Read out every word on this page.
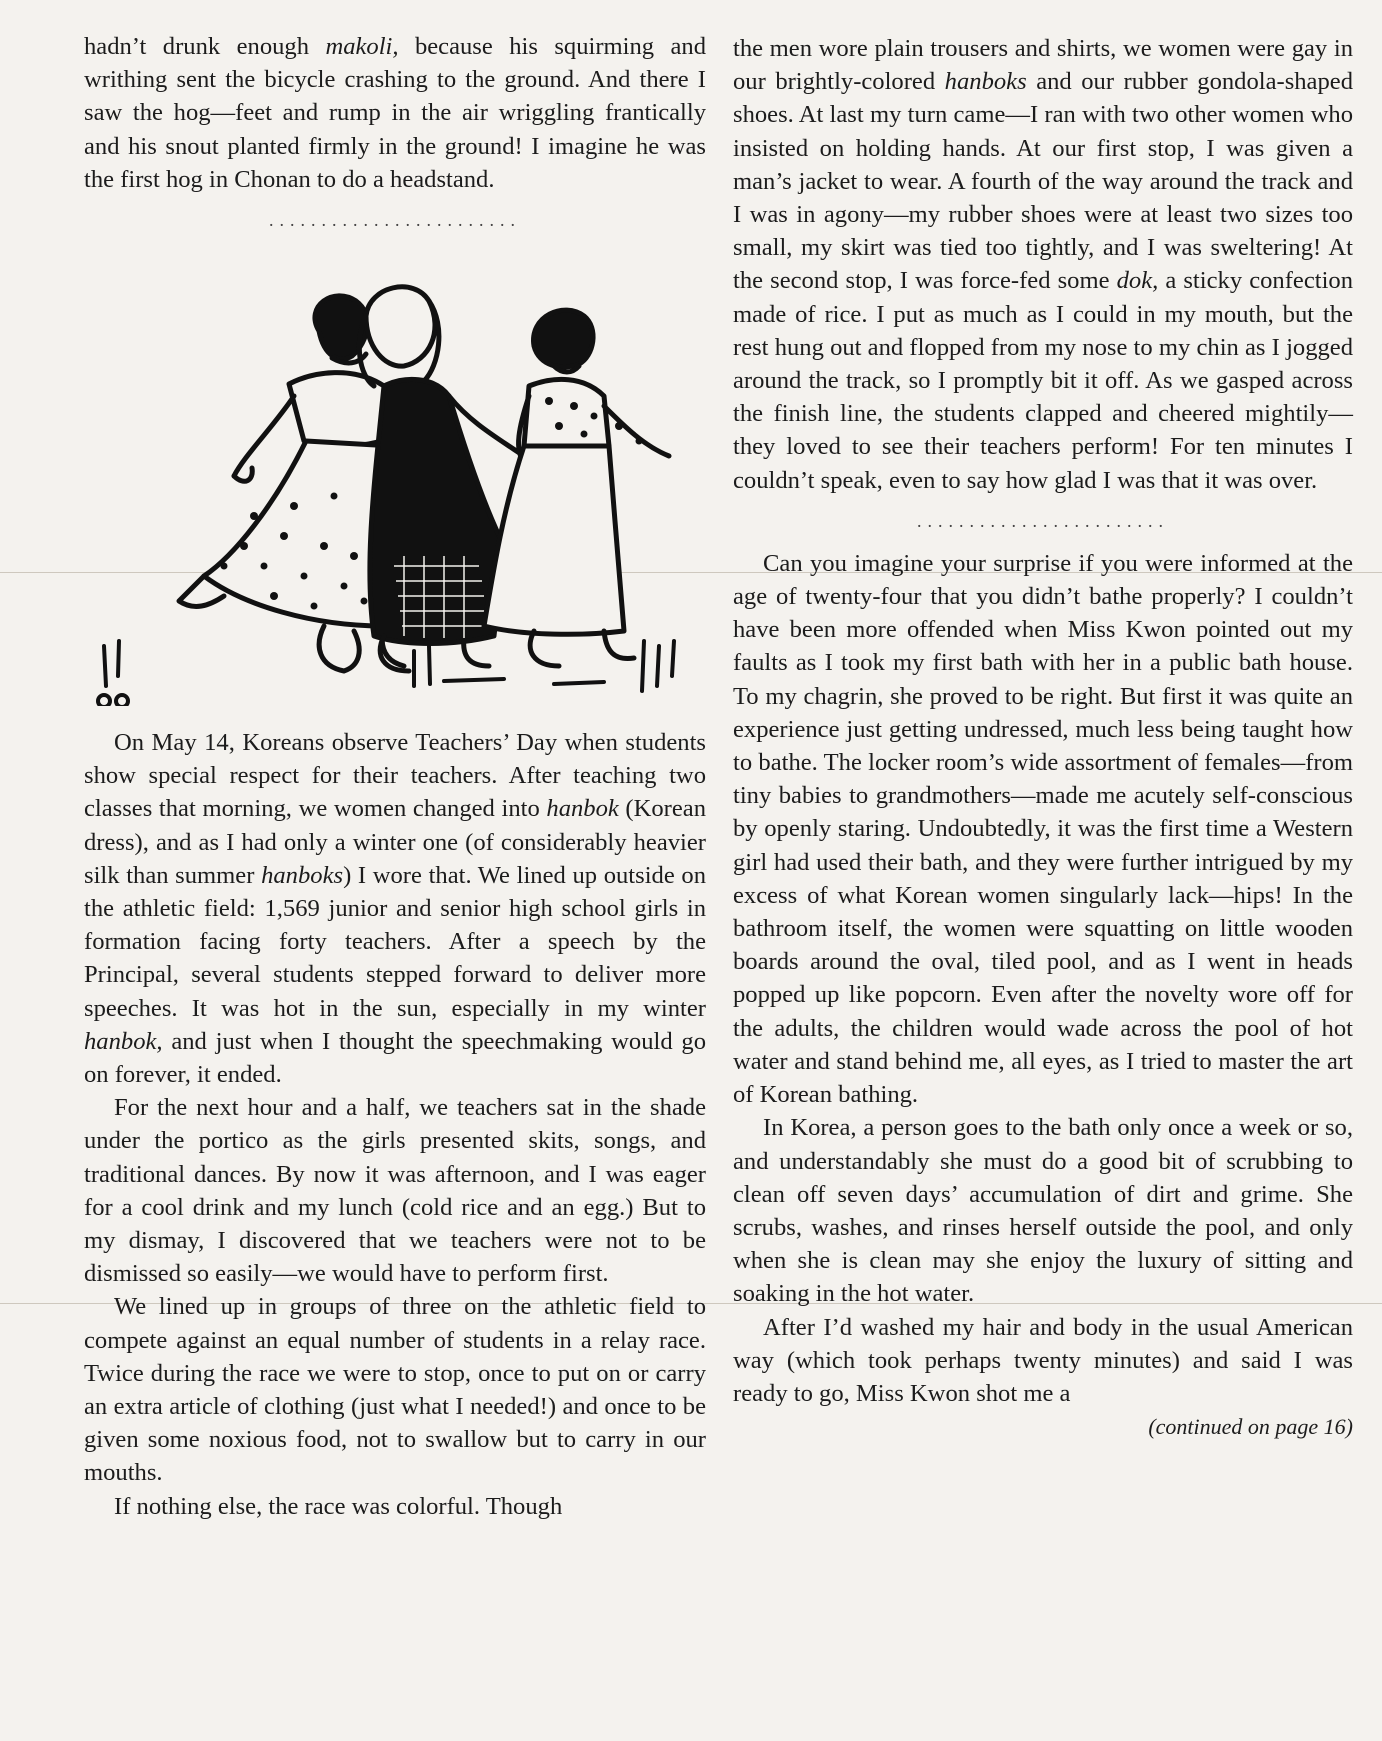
hadn’t drunk enough makoli, because his squirming and writhing sent the bicycle crashing to the ground. And there I saw the hog—feet and rump in the air wriggling frantically and his snout planted firmly in the ground! I imagine he was the first hog in Chonan to do a headstand.

........................

On May 14, Koreans observe Teachers’ Day when students show special respect for their teachers. After teaching two classes that morning, we women changed into hanbok (Korean dress), and as I had only a winter one (of considerably heavier silk than summer hanboks) I wore that. We lined up outside on the athletic field: 1,569 junior and senior high school girls in formation facing forty teachers. After a speech by the Principal, several students stepped forward to deliver more speeches. It was hot in the sun, especially in my winter hanbok, and just when I thought the speechmaking would go on forever, it ended.

For the next hour and a half, we teachers sat in the shade under the portico as the girls presented skits, songs, and traditional dances. By now it was afternoon, and I was eager for a cool drink and my lunch (cold rice and an egg.) But to my dismay, I discovered that we teachers were not to be dismissed so easily—we would have to perform first.

We lined up in groups of three on the athletic field to compete against an equal number of students in a relay race. Twice during the race we were to stop, once to put on or carry an extra article of clothing (just what I needed!) and once to be given some noxious food, not to swallow but to carry in our mouths.

If nothing else, the race was colorful. Though

the men wore plain trousers and shirts, we women were gay in our brightly-colored hanboks and our rubber gondola-shaped shoes. At last my turn came—I ran with two other women who insisted on holding hands. At our first stop, I was given a man’s jacket to wear. A fourth of the way around the track and I was in agony—my rubber shoes were at least two sizes too small, my skirt was tied too tightly, and I was sweltering! At the second stop, I was force-fed some dok, a sticky confection made of rice. I put as much as I could in my mouth, but the rest hung out and flopped from my nose to my chin as I jogged around the track, so I promptly bit it off. As we gasped across the finish line, the students clapped and cheered mightily—they loved to see their teachers perform! For ten minutes I couldn’t speak, even to say how glad I was that it was over.

........................

Can you imagine your surprise if you were informed at the age of twenty-four that you didn’t bathe properly? I couldn’t have been more offended when Miss Kwon pointed out my faults as I took my first bath with her in a public bath house. To my chagrin, she proved to be right. But first it was quite an experience just getting undressed, much less being taught how to bathe. The locker room’s wide assortment of females—from tiny babies to grandmothers—made me acutely self-conscious by openly staring. Undoubtedly, it was the first time a Western girl had used their bath, and they were further intrigued by my excess of what Korean women singularly lack—hips! In the bathroom itself, the women were squatting on little wooden boards around the oval, tiled pool, and as I went in heads popped up like popcorn. Even after the novelty wore off for the adults, the children would wade across the pool of hot water and stand behind me, all eyes, as I tried to master the art of Korean bathing.

In Korea, a person goes to the bath only once a week or so, and understandably she must do a good bit of scrubbing to clean off seven days’ accumulation of dirt and grime. She scrubs, washes, and rinses herself outside the pool, and only when she is clean may she enjoy the luxury of sitting and soaking in the hot water.

After I’d washed my hair and body in the usual American way (which took perhaps twenty minutes) and said I was ready to go, Miss Kwon shot me a

(continued on page 16)
